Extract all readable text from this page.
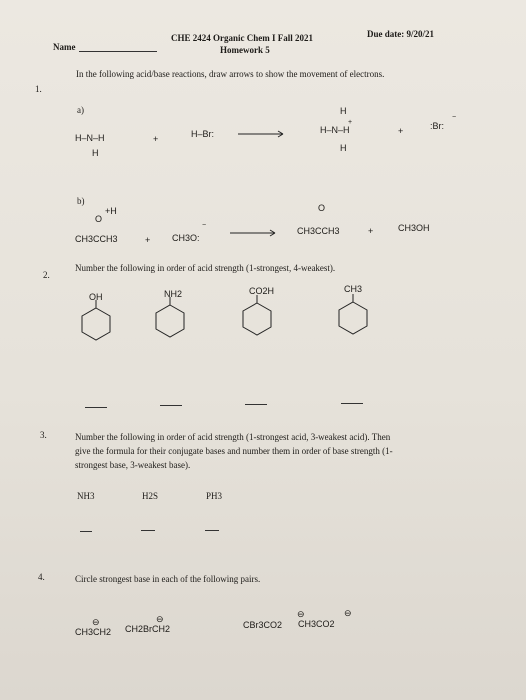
Name
CHE 2424 Organic Chem I Fall 2021
Homework 5
Due date: 9/20/21
1.
In the following acid/base reactions, draw arrows to show the movement of electrons.
a)
H–N–H
H
+	H–Br:
H
H–N–H
+
H
+	:Br:
−
b)
O
+H
CH3CCH3	+ CH3O:
−
O
CH3CCH3	+	CH3OH
2.
Number the following in order of acid strength (1-strongest, 4-weakest).
OH	NH2	CO2H	CH3
3.	Number the following in order of acid strength (1-strongest acid, 3-weakest acid). Then
give the formula for their conjugate bases and number them in order of base strength (1-
strongest base, 3-weakest base).
NH3	H2S	PH3
4.	Circle strongest base in each of the following pairs.
⊖	⊖
CH3CH2 CH2BrCH2
⊖	⊖
CBr3CO2 CH3CO2
